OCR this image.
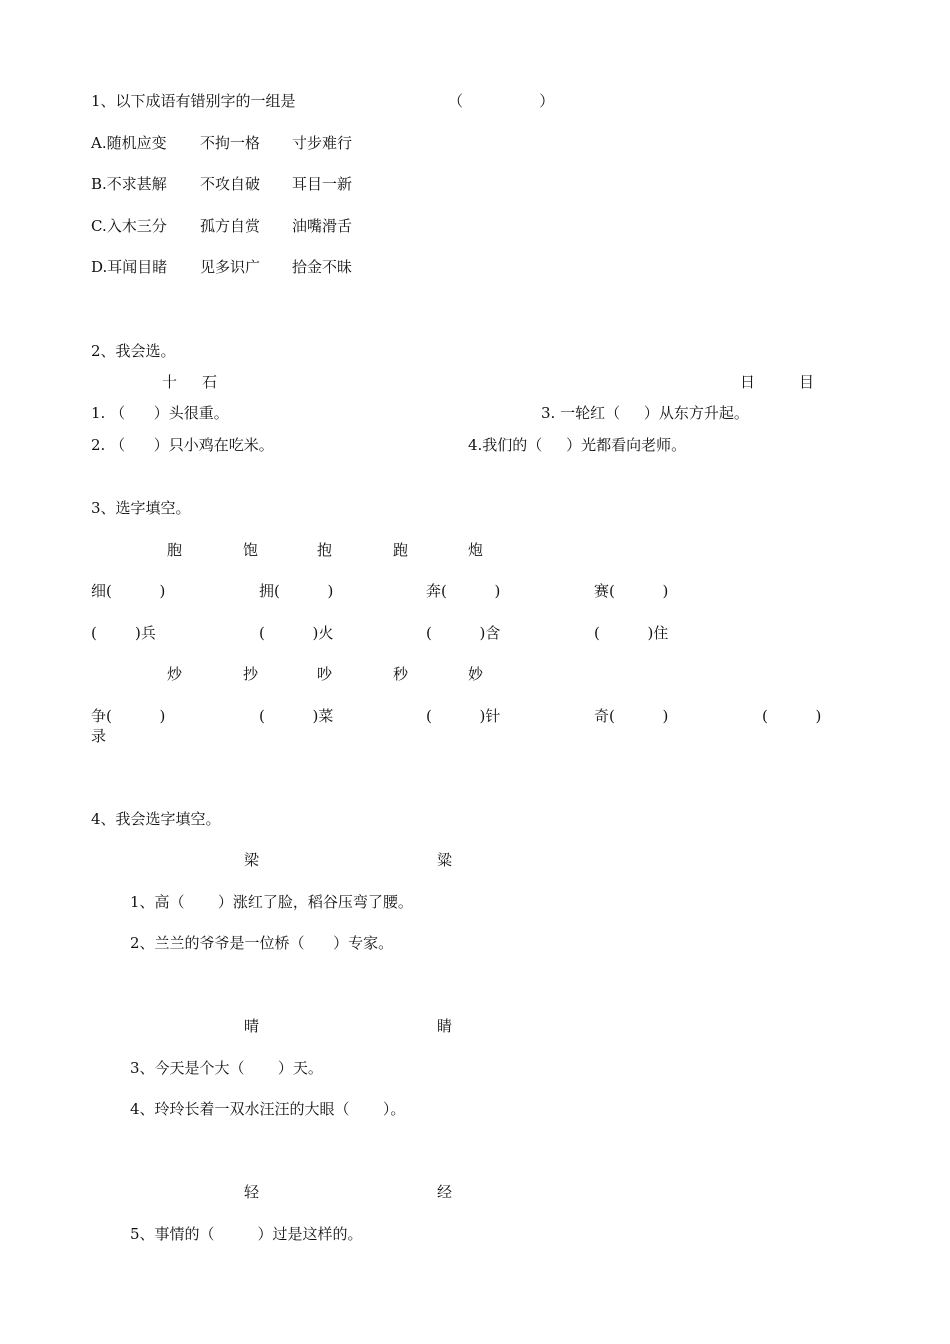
1、以下成语有错别字的一组是	（                ）
A.随机应变 不拘一格 寸步难行
B.不求甚解 不攻自破 耳目一新
C.入木三分 孤方自赏 油嘴滑舌
D.耳闻目睹 见多识广 拾金不昧
2、我会选。
十 石	日	目
1. （      ）头很重。	3. 一轮红（     ）从东方升起。
2. （      ）只小鸡在吃米。	4.我们的（     ）光都看向老师。
3、选字填空。
胞	饱	抱	跑	炮
细(          )	拥(          )	奔(          )	赛(          )
(        )兵	(          )火	(          )含	(          )住
炒	抄	吵	秒	妙
争(          )	(          )菜	(          )针	奇(          )	(          )
录
4、我会选字填空。
梁	粱
1、高（       ）涨红了脸，稻谷压弯了腰。
2、兰兰的爷爷是一位桥（      ）专家。
晴	睛
3、今天是个大（       ）天。
4、玲玲长着一双水汪汪的大眼（       ）。
轻	经
5、事情的（         ）过是这样的。
